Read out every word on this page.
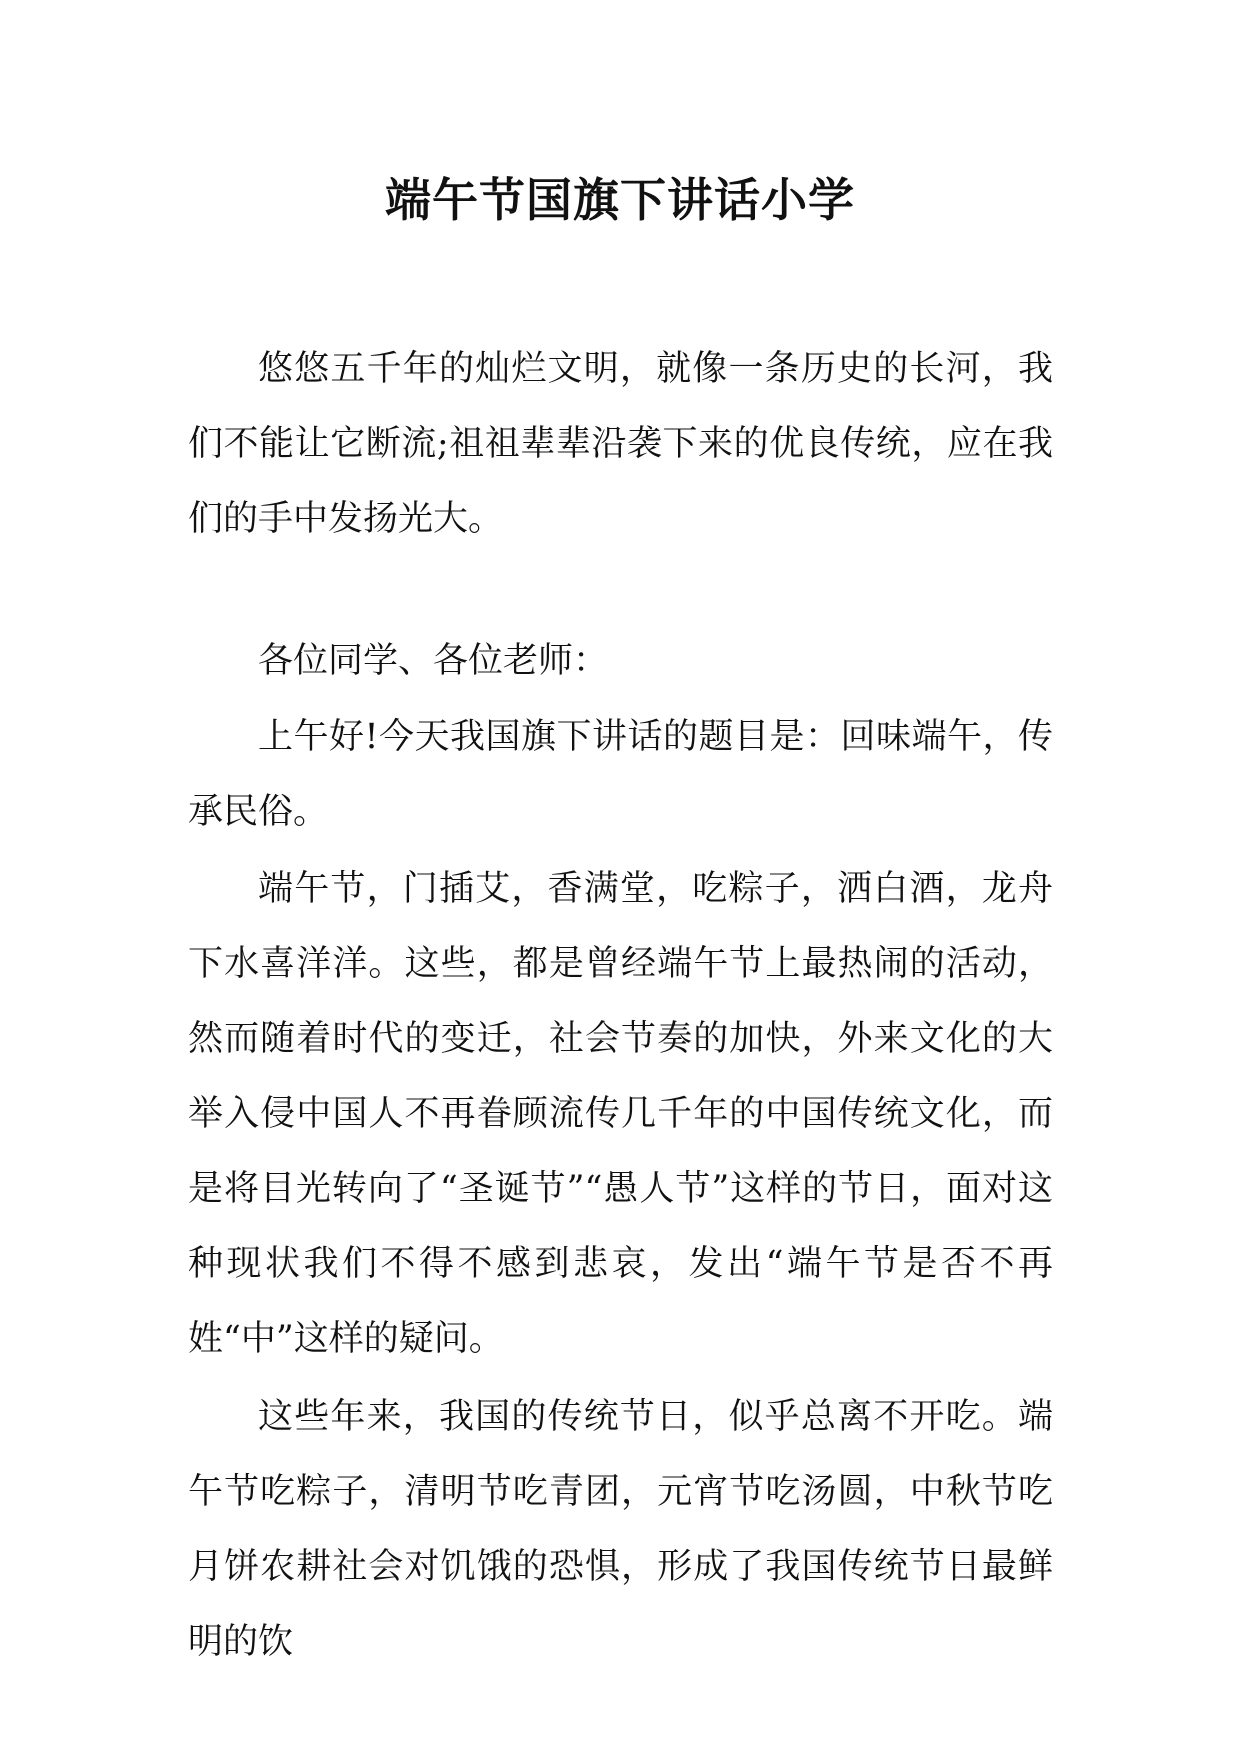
端午节国旗下讲话小学

悠悠五千年的灿烂文明，就像一条历史的长河，我们不能让它断流;祖祖辈辈沿袭下来的优良传统，应在我们的手中发扬光大。

各位同学、各位老师：

上午好!今天我国旗下讲话的题目是：回味端午，传承民俗。

端午节，门插艾，香满堂，吃粽子，洒白酒，龙舟下水喜洋洋。这些，都是曾经端午节上最热闹的活动，然而随着时代的变迁，社会节奏的加快，外来文化的大举入侵中国人不再眷顾流传几千年的中国传统文化，而是将目光转向了“圣诞节”“愚人节”这样的节日，面对这种现状我们不得不感到悲哀，发出“端午节是否不再姓“中”这样的疑问。

这些年来，我国的传统节日，似乎总离不开吃。端午节吃粽子，清明节吃青团，元宵节吃汤圆，中秋节吃月饼农耕社会对饥饿的恐惧，形成了我国传统节日最鲜明的饮
